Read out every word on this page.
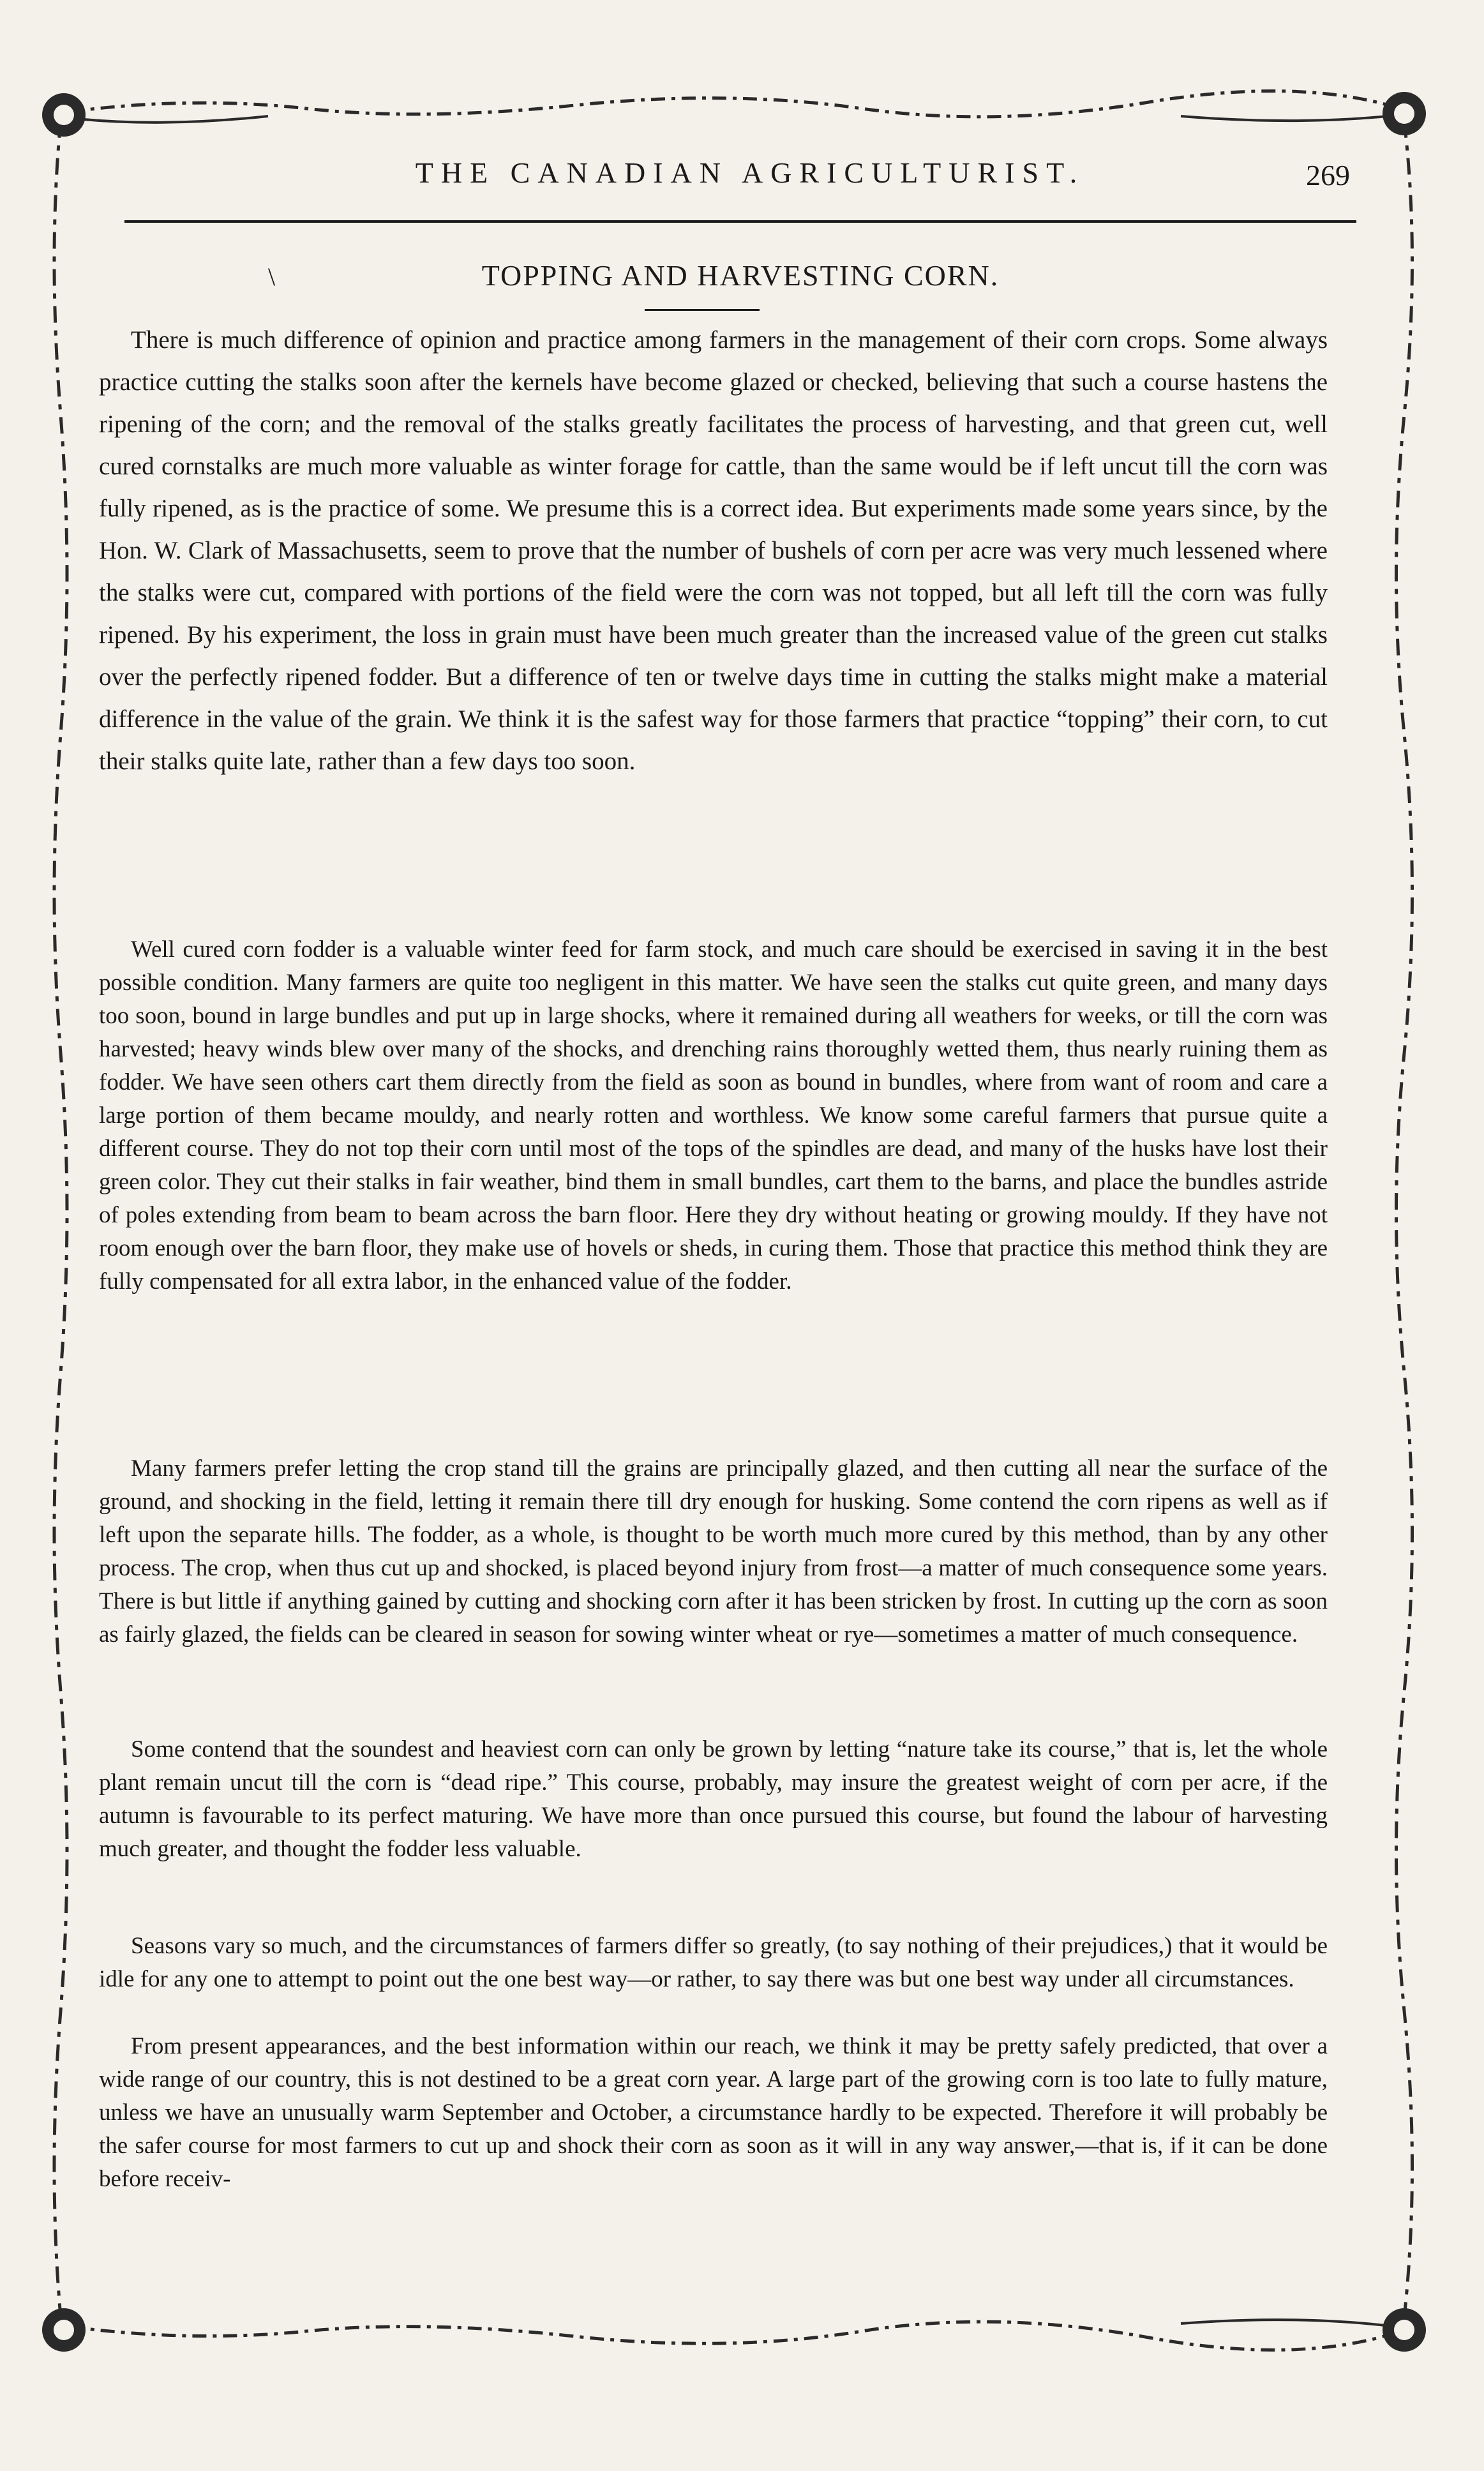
THE CANADIAN AGRICULTURIST.	269
\	TOPPING AND HARVESTING CORN.

There is much difference of opinion and practice among farmers in the management of their corn crops. Some always practice cutting the stalks soon after the kernels have become glazed or checked, believing that such a course hastens the ripening of the corn; and the removal of the stalks greatly facilitates the process of harvesting, and that green cut, well cured cornstalks are much more valuable as winter forage for cattle, than the same would be if left uncut till the corn was fully ripened, as is the practice of some. We presume this is a correct idea. But experiments made some years since, by the Hon. W. Clark of Massachusetts, seem to prove that the number of bushels of corn per acre was very much lessened where the stalks were cut, compared with portions of the field were the corn was not topped, but all left till the corn was fully ripened. By his experiment, the loss in grain must have been much greater than the increased value of the green cut stalks over the perfectly ripened fodder. But a difference of ten or twelve days time in cutting the stalks might make a material difference in the value of the grain. We think it is the safest way for those farmers that practice “topping” their corn, to cut their stalks quite late, rather than a few days too soon.

Well cured corn fodder is a valuable winter feed for farm stock, and much care should be exercised in saving it in the best possible condition. Many farmers are quite too negligent in this matter. We have seen the stalks cut quite green, and many days too soon, bound in large bundles and put up in large shocks, where it remained during all weathers for weeks, or till the corn was harvested; heavy winds blew over many of the shocks, and drenching rains thoroughly wetted them, thus nearly ruining them as fodder. We have seen others cart them directly from the field as soon as bound in bundles, where from want of room and care a large portion of them became mouldy, and nearly rotten and worthless. We know some careful farmers that pursue quite a different course. They do not top their corn until most of the tops of the spindles are dead, and many of the husks have lost their green color. They cut their stalks in fair weather, bind them in small bundles, cart them to the barns, and place the bundles astride of poles extending from beam to beam across the barn floor. Here they dry without heating or growing mouldy. If they have not room enough over the barn floor, they make use of hovels or sheds, in curing them. Those that practice this method think they are fully compensated for all extra labor, in the enhanced value of the fodder.

Many farmers prefer letting the crop stand till the grains are principally glazed, and then cutting all near the surface of the ground, and shocking in the field, letting it remain there till dry enough for husking. Some contend the corn ripens as well as if left upon the separate hills. The fodder, as a whole, is thought to be worth much more cured by this method, than by any other process. The crop, when thus cut up and shocked, is placed beyond injury from frost—a matter of much consequence some years. There is but little if anything gained by cutting and shocking corn after it has been stricken by frost. In cutting up the corn as soon as fairly glazed, the fields can be cleared in season for sowing winter wheat or rye—sometimes a matter of much consequence.

Some contend that the soundest and heaviest corn can only be grown by letting “nature take its course,” that is, let the whole plant remain uncut till the corn is “dead ripe.” This course, probably, may insure the greatest weight of corn per acre, if the autumn is favourable to its perfect maturing. We have more than once pursued this course, but found the labour of harvesting much greater, and thought the fodder less valuable.

Seasons vary so much, and the circumstances of farmers differ so greatly, (to say nothing of their prejudices,) that it would be idle for any one to attempt to point out the one best way—or rather, to say there was but one best way under all circumstances.

From present appearances, and the best information within our reach, we think it may be pretty safely predicted, that over a wide range of our country, this is not destined to be a great corn year. A large part of the growing corn is too late to fully mature, unless we have an unusually warm September and October, a circumstance hardly to be expected. Therefore it will probably be the safer course for most farmers to cut up and shock their corn as soon as it will in any way answer,—that is, if it can be done before receiv-
